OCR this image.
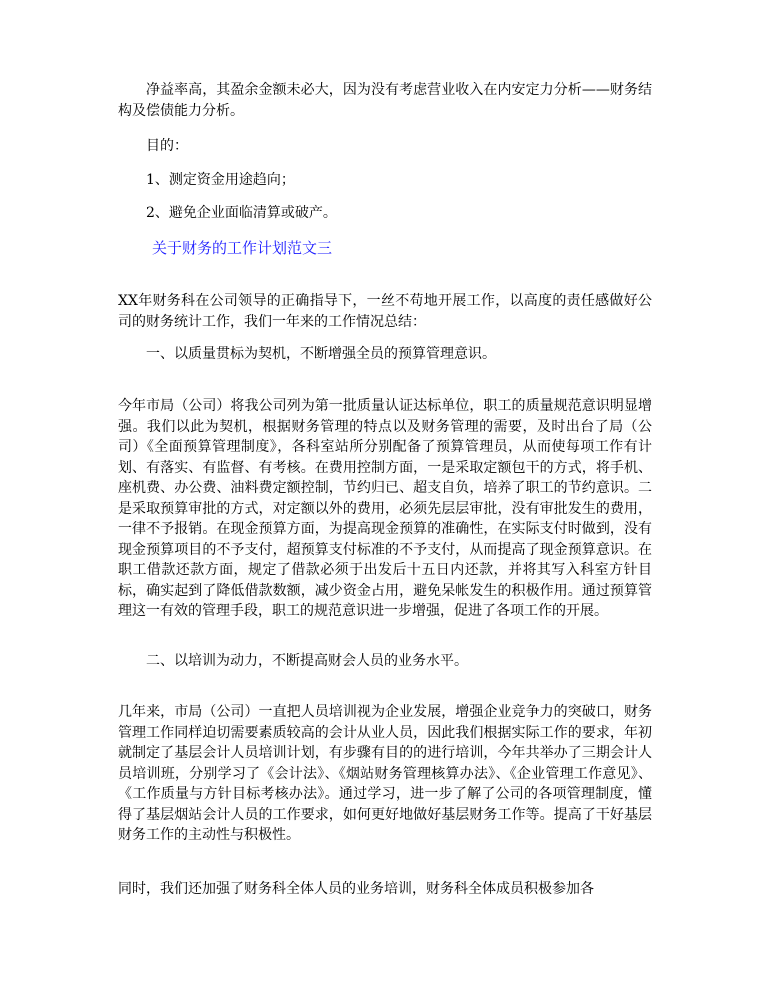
净益率高，其盈余金额未必大，因为没有考虑营业收入在内安定力分析——财务结构及偿债能力分析。

目的：

1、测定资金用途趋向；

2、避免企业面临清算或破产。

关于财务的工作计划范文三

XX年财务科在公司领导的正确指导下，一丝不苟地开展工作，以高度的责任感做好公司的财务统计工作，我们一年来的工作情况总结：

一、以质量贯标为契机，不断增强全员的预算管理意识。

今年市局（公司）将我公司列为第一批质量认证达标单位，职工的质量规范意识明显增强。我们以此为契机，根据财务管理的特点以及财务管理的需要，及时出台了局（公司）《全面预算管理制度》，各科室站所分别配备了预算管理员，从而使每项工作有计划、有落实、有监督、有考核。在费用控制方面，一是采取定额包干的方式，将手机、座机费、办公费、油料费定额控制，节约归已、超支自负，培养了职工的节约意识。二是采取预算审批的方式，对定额以外的费用，必须先层层审批，没有审批发生的费用，一律不予报销。在现金预算方面，为提高现金预算的准确性，在实际支付时做到，没有现金预算项目的不予支付，超预算支付标准的不予支付，从而提高了现金预算意识。在职工借款还款方面，规定了借款必须于出发后十五日内还款，并将其写入科室方针目标，确实起到了降低借款数额，减少资金占用，避免呆帐发生的积极作用。通过预算管理这一有效的管理手段，职工的规范意识进一步增强，促进了各项工作的开展。

二、以培训为动力，不断提高财会人员的业务水平。

几年来，市局（公司）一直把人员培训视为企业发展，增强企业竞争力的突破口，财务管理工作同样迫切需要素质较高的会计从业人员，因此我们根据实际工作的要求，年初就制定了基层会计人员培训计划，有步骤有目的的进行培训，今年共举办了三期会计人员培训班，分别学习了《会计法》、《烟站财务管理核算办法》、《企业管理工作意见》、《工作质量与方针目标考核办法》。通过学习，进一步了解了公司的各项管理制度，懂得了基层烟站会计人员的工作要求，如何更好地做好基层财务工作等。提高了干好基层财务工作的主动性与积极性。

同时，我们还加强了财务科全体人员的业务培训，财务科全体成员积极参加各
